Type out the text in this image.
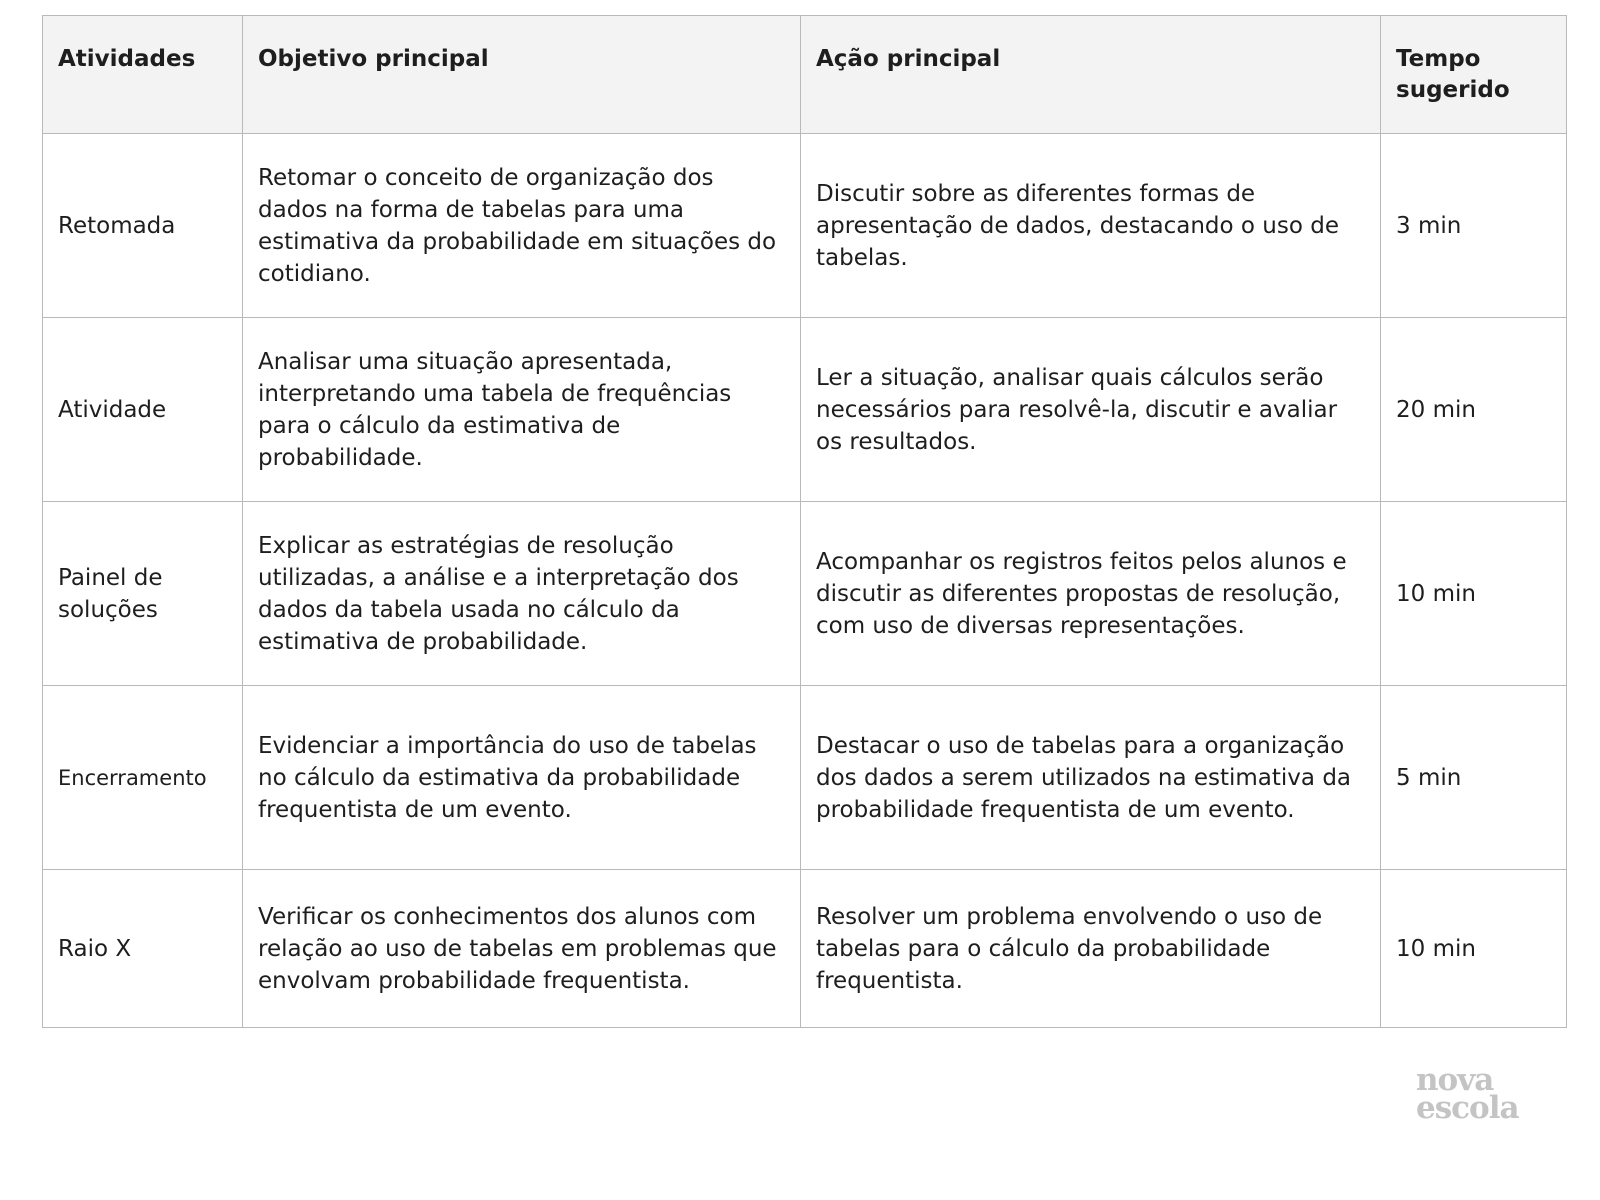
Atividades	Objetivo principal	Ação principal	Tempo sugerido
Retomada	Retomar o conceito de organização dos dados na forma de tabelas para uma estimativa da probabilidade em situações do cotidiano.	Discutir sobre as diferentes formas de apresentação de dados, destacando o uso de tabelas.	3 min
Atividade	Analisar uma situação apresentada, interpretando uma tabela de frequências para o cálculo da estimativa de probabilidade.	Ler a situação, analisar quais cálculos serão necessários para resolvê-la, discutir e avaliar os resultados.	20 min
Painel de soluções	Explicar as estratégias de resolução utilizadas, a análise e a interpretação dos dados da tabela usada no cálculo da estimativa de probabilidade.	Acompanhar os registros feitos pelos alunos e discutir as diferentes propostas de resolução, com uso de diversas representações.	10 min
Encerramento	Evidenciar a importância do uso de tabelas no cálculo da estimativa da probabilidade frequentista de um evento.	Destacar o uso de tabelas para a organização dos dados a serem utilizados na estimativa da probabilidade frequentista de um evento.	5 min
Raio X	Verificar os conhecimentos dos alunos com relação ao uso de tabelas em problemas que envolvam probabilidade frequentista.	Resolver um problema envolvendo o uso de tabelas para o cálculo da probabilidade frequentista.	10 min
nova
escola
